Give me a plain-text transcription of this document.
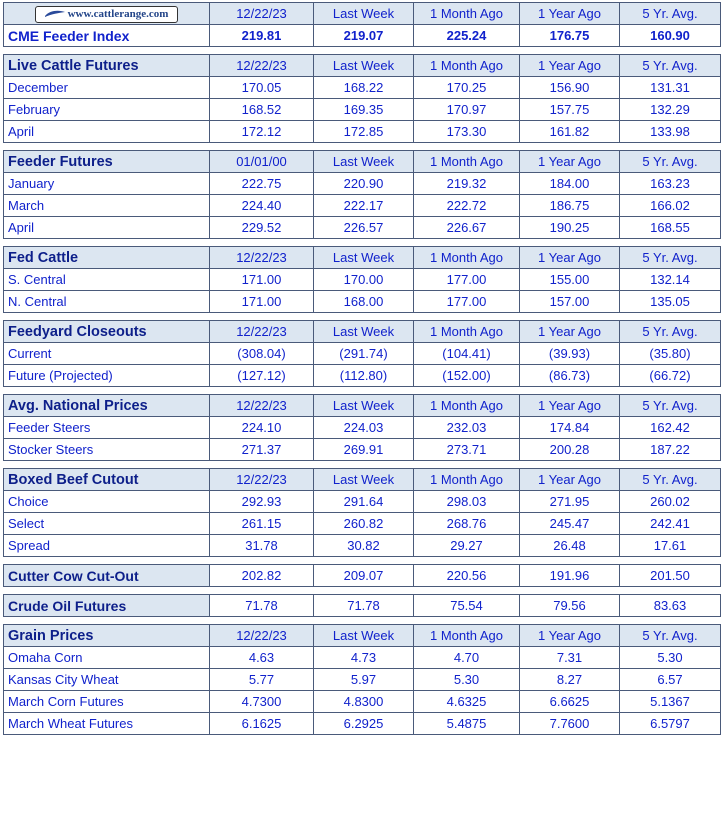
www.cattlerange.com	12/22/23	Last Week	1 Month Ago	1 Year Ago	5 Yr. Avg.
CME Feeder Index	219.81	219.07	225.24	176.75	160.90

Live Cattle Futures	12/22/23	Last Week	1 Month Ago	1 Year Ago	5 Yr. Avg.
December	170.05	168.22	170.25	156.90	131.31
February	168.52	169.35	170.97	157.75	132.29
April	172.12	172.85	173.30	161.82	133.98

Feeder Futures	01/01/00	Last Week	1 Month Ago	1 Year Ago	5 Yr. Avg.
January	222.75	220.90	219.32	184.00	163.23
March	224.40	222.17	222.72	186.75	166.02
April	229.52	226.57	226.67	190.25	168.55

Fed Cattle	12/22/23	Last Week	1 Month Ago	1 Year Ago	5 Yr. Avg.
S. Central	171.00	170.00	177.00	155.00	132.14
N. Central	171.00	168.00	177.00	157.00	135.05

Feedyard Closeouts	12/22/23	Last Week	1 Month Ago	1 Year Ago	5 Yr. Avg.
Current	(308.04)	(291.74)	(104.41)	(39.93)	(35.80)
Future (Projected)	(127.12)	(112.80)	(152.00)	(86.73)	(66.72)

Avg. National Prices	12/22/23	Last Week	1 Month Ago	1 Year Ago	5 Yr. Avg.
Feeder Steers	224.10	224.03	232.03	174.84	162.42
Stocker Steers	271.37	269.91	273.71	200.28	187.22

Boxed Beef Cutout	12/22/23	Last Week	1 Month Ago	1 Year Ago	5 Yr. Avg.
Choice	292.93	291.64	298.03	271.95	260.02
Select	261.15	260.82	268.76	245.47	242.41
Spread	31.78	30.82	29.27	26.48	17.61

Cutter Cow Cut-Out	202.82	209.07	220.56	191.96	201.50

Crude Oil Futures	71.78	71.78	75.54	79.56	83.63

Grain Prices	12/22/23	Last Week	1 Month Ago	1 Year Ago	5 Yr. Avg.
Omaha Corn	4.63	4.73	4.70	7.31	5.30
Kansas City Wheat	5.77	5.97	5.30	8.27	6.57
March Corn Futures	4.7300	4.8300	4.6325	6.6625	5.1367
March Wheat Futures	6.1625	6.2925	5.4875	7.7600	6.5797
